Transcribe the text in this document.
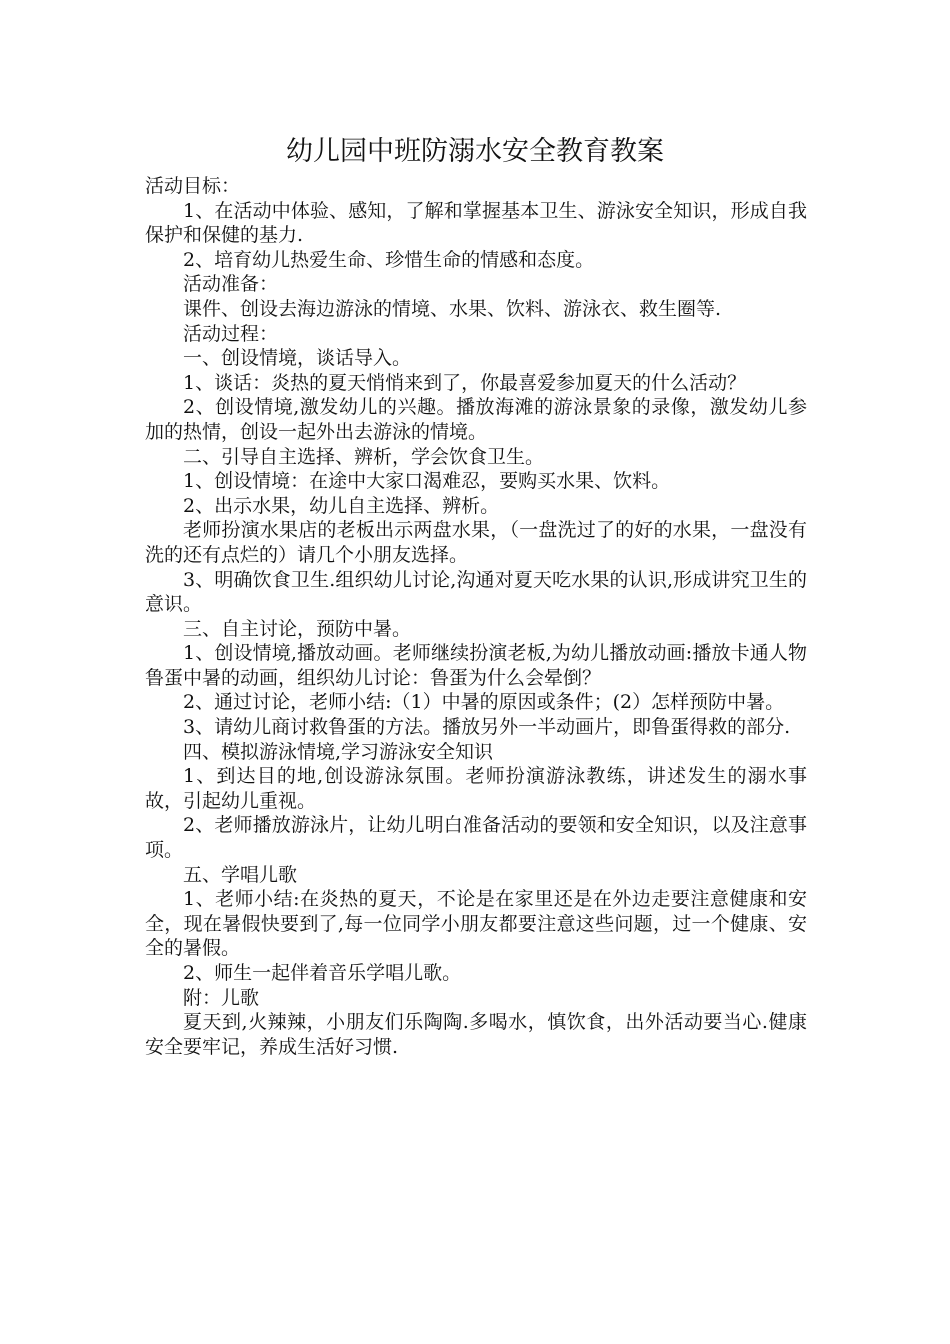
幼儿园中班防溺水安全教育教案

活动目标：

1、在活动中体验、感知，了解和掌握基本卫生、游泳安全知识，形成自我保护和保健的基力.

2、培育幼儿热爱生命、珍惜生命的情感和态度。

活动准备：

课件、创设去海边游泳的情境、水果、饮料、游泳衣、救生圈等.

活动过程：

一、创设情境，谈话导入。

1、谈话：炎热的夏天悄悄来到了，你最喜爱参加夏天的什么活动？

2、创设情境,激发幼儿的兴趣。播放海滩的游泳景象的录像，激发幼儿参加的热情，创设一起外出去游泳的情境。

二、引导自主选择、辨析，学会饮食卫生。

1、创设情境：在途中大家口渴难忍，要购买水果、饮料。

2、出示水果，幼儿自主选择、辨析。

老师扮演水果店的老板出示两盘水果，（一盘洗过了的好的水果，一盘没有洗的还有点烂的）请几个小朋友选择。

3、明确饮食卫生.组织幼儿讨论,沟通对夏天吃水果的认识,形成讲究卫生的意识。

三、自主讨论，预防中暑。

1、创设情境,播放动画。老师继续扮演老板,为幼儿播放动画:播放卡通人物鲁蛋中暑的动画，组织幼儿讨论：鲁蛋为什么会晕倒？

2、通过讨论，老师小结:（1）中暑的原因或条件；(2）怎样预防中暑。

3、请幼儿商讨救鲁蛋的方法。播放另外一半动画片，即鲁蛋得救的部分.

四、模拟游泳情境,学习游泳安全知识

1、到达目的地,创设游泳氛围。老师扮演游泳教练，讲述发生的溺水事故，引起幼儿重视。

2、老师播放游泳片，让幼儿明白准备活动的要领和安全知识，以及注意事项。

五、学唱儿歌

1、老师小结:在炎热的夏天，不论是在家里还是在外边走要注意健康和安全，现在暑假快要到了,每一位同学小朋友都要注意这些问题，过一个健康、安全的暑假。

2、师生一起伴着音乐学唱儿歌。

附：儿歌

夏天到,火辣辣，小朋友们乐陶陶.多喝水，慎饮食，出外活动要当心.健康安全要牢记，养成生活好习惯.
